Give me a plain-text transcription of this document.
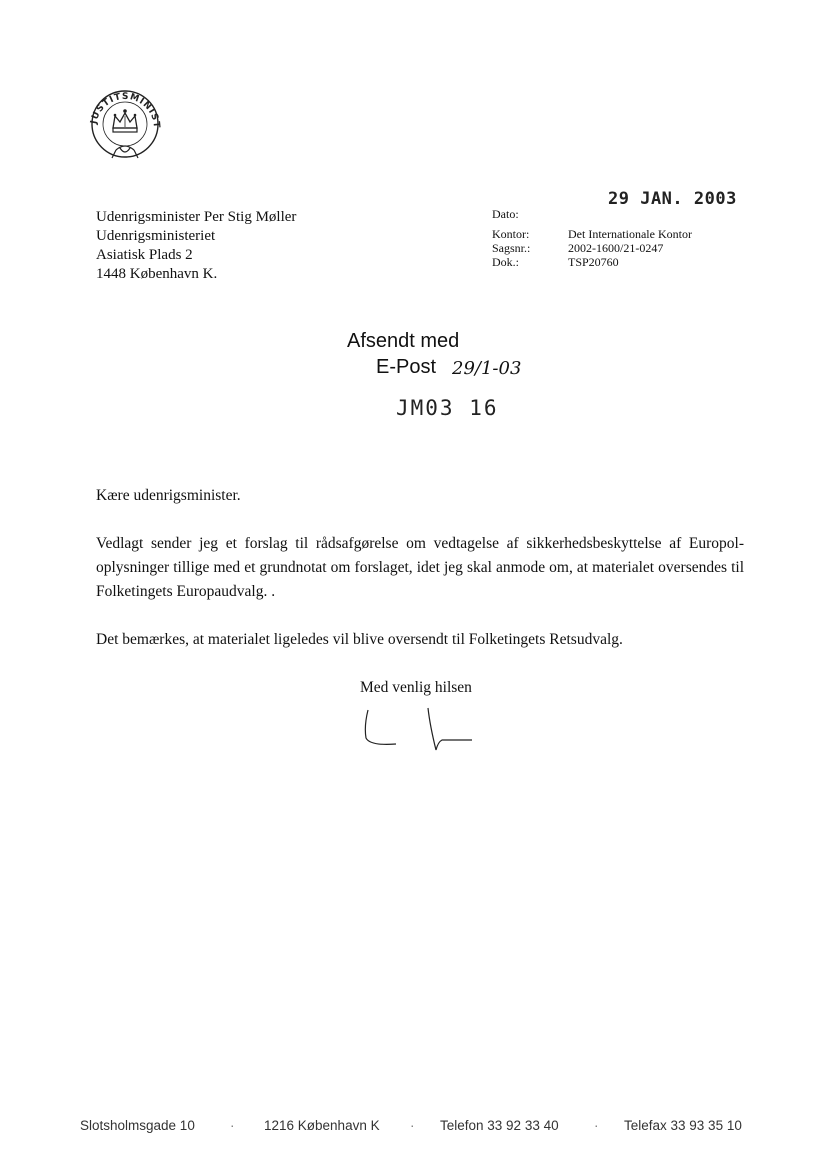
JUSTITSMINIST
Udenrigsminister Per Stig Møller
Udenrigsministeriet
Asiatisk Plads 2
1448 København K.
29 JAN. 2003
Dato:
Kontor:	Det Internationale Kontor
Sagsnr.:	2002-1600/21-0247
Dok.:	TSP20760
Afsendt med
E-Post 29/1-03
JM03 16
Kære udenrigsminister.
Vedlagt sender jeg et forslag til rådsafgørelse om vedtagelse af sikkerhedsbeskyttelse af Europol-oplysninger tillige med et grundnotat om forslaget, idet jeg skal anmode om, at materialet oversendes til Folketingets Europaudvalg. .
Det bemærkes, at materialet ligeledes vil blive oversendt til Folketingets Retsudvalg.
Med venlig hilsen
Slotsholmsgade 10	· 1216 København K · Telefon 33 92 33 40	· Telefax 33 93 35 10
